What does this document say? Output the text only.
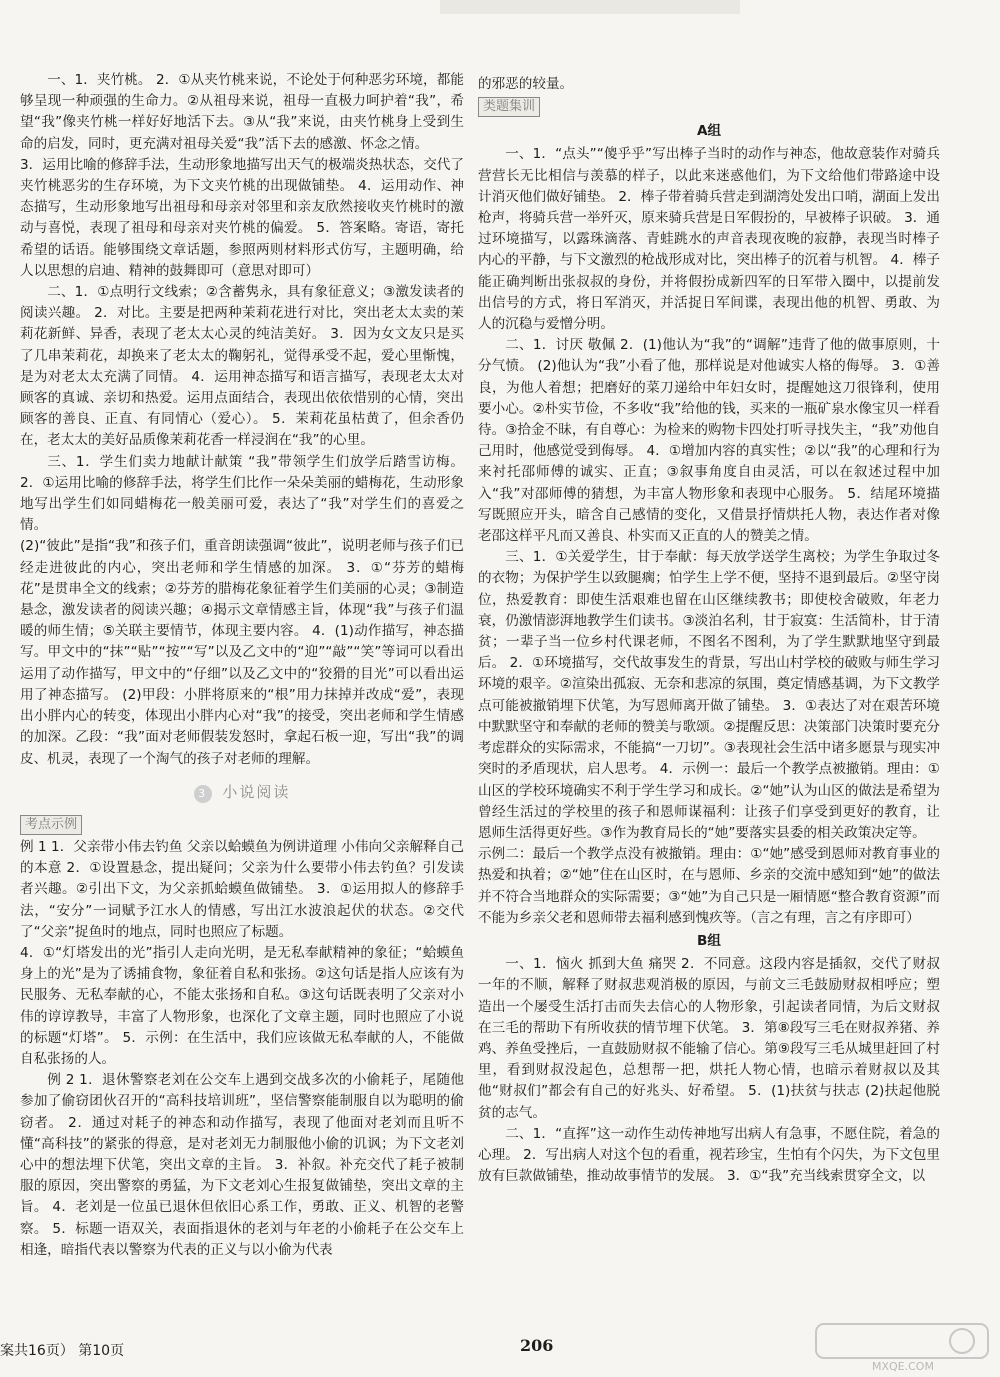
一、1．夹竹桃。 2．①从夹竹桃来说，不论处于何种恶劣环境，都能够呈现一种顽强的生命力。②从祖母来说，祖母一直极力呵护着“我”，希望“我”像夹竹桃一样好好地活下去。③从“我”来说，由夹竹桃身上受到生命的启发，同时，更充满对祖母关爱“我”活下去的感激、怀念之情。

3．运用比喻的修辞手法，生动形象地描写出天气的极端炎热状态，交代了夹竹桃恶劣的生存环境，为下文夹竹桃的出现做铺垫。 4．运用动作、神态描写，生动形象地写出祖母和母亲对邻里和亲友欣然接收夹竹桃时的激动与喜悦，表现了祖母和母亲对夹竹桃的偏爱。 5．答案略。寄语，寄托希望的话语。能够围绕文章话题，参照两则材料形式仿写，主题明确，给人以思想的启迪、精神的鼓舞即可（意思对即可）

二、1．①点明行文线索；②含蓄隽永，具有象征意义；③激发读者的阅读兴趣。 2．对比。主要是把两种茉莉花进行对比，突出老太太卖的茉莉花新鲜、异香，表现了老太太心灵的纯洁美好。 3．因为女文友只是买了几串茉莉花，却换来了老太太的鞠躬礼，觉得承受不起，爱心里惭愧，是为对老太太充满了同情。 4．运用神态描写和语言描写，表现老太太对顾客的真诚、亲切和热爱。运用点面结合，表现出依依惜别的心情，突出顾客的善良、正直、有同情心（爱心）。 5．茉莉花虽枯黄了，但余香仍在，老太太的美好品质像茉莉花香一样浸润在“我”的心里。

三、1．学生们卖力地献计献策 “我”带领学生们放学后踏雪访梅。 2．①运用比喻的修辞手法，将学生们比作一朵朵美丽的蜡梅花，生动形象地写出学生们如同蜡梅花一般美丽可爱，表达了“我”对学生们的喜爱之情。

(2)“彼此”是指“我”和孩子们，重音朗读强调“彼此”，说明老师与孩子们已经走进彼此的内心，突出老师和学生情感的加深。 3．①“芬芳的蜡梅花”是贯串全文的线索；②芬芳的腊梅花象征着学生们美丽的心灵；③制造悬念，激发读者的阅读兴趣；④揭示文章情感主旨，体现“我”与孩子们温暖的师生情；⑤关联主要情节，体现主要内容。 4．(1)动作描写，神态描写。甲文中的“抹”“贴”“按”“写”以及乙文中的“迎”“敲”“笑”等词可以看出运用了动作描写，甲文中的“仔细”以及乙文中的“狡猾的目光”可以看出运用了神态描写。 (2)甲段：小胖将原来的“根”用力抹掉并改成“爱”，表现出小胖内心的转变，体现出小胖内心对“我”的接受，突出老师和学生情感的加深。乙段：“我”面对老师假装发怒时，拿起石板一迎，写出“我”的调皮、机灵，表现了一个淘气的孩子对老师的理解。

3 小说阅读
考点示例

例 1 1．父亲带小伟去钓鱼 父亲以蛤蟆鱼为例讲道理 小伟向父亲解释自己的本意 2．①设置悬念，提出疑问；父亲为什么要带小伟去钓鱼？引发读者兴趣。②引出下文，为父亲抓蛤蟆鱼做铺垫。 3．①运用拟人的修辞手法，“安分”一词赋予江水人的情感，写出江水波浪起伏的状态。②交代了“父亲”捉鱼时的地点，同时也照应了标题。

4．①“灯塔发出的光”指引人走向光明，是无私奉献精神的象征；“蛤蟆鱼身上的光”是为了诱捕食物，象征着自私和张扬。②这句话是指人应该有为民服务、无私奉献的心，不能太张扬和自私。③这句话既表明了父亲对小伟的谆谆教导，丰富了人物形象，也深化了文章主题，同时也照应了小说的标题“灯塔”。 5．示例：在生活中，我们应该做无私奉献的人，不能做自私张扬的人。

例 2 1．退休警察老刘在公交车上遇到交战多次的小偷耗子，尾随他参加了偷窃团伙召开的“高科技培训班”，坚信警察能制服自以为聪明的偷窃者。 2．通过对耗子的神态和动作描写，表现了他面对老刘而且听不懂“高科技”的紧张的得意，是对老刘无力制服他小偷的讥讽；为下文老刘心中的想法埋下伏笔，突出文章的主旨。 3．补叙。补充交代了耗子被制服的原因，突出警察的勇猛，为下文老刘心生报复做铺垫，突出文章的主旨。 4．老刘是一位虽已退休但依旧心系工作，勇敢、正义、机智的老警察。 5．标题一语双关，表面指退休的老刘与年老的小偷耗子在公交车上相逢，暗指代表以警察为代表的正义与以小偷为代表

的邪恶的较量。

类题集训
A组

一、1．“点头”“傻乎乎”写出棒子当时的动作与神态，他故意装作对骑兵营营长无比相信与羡慕的样子，以此来迷惑他们，为下文给他们带路途中设计消灭他们做好铺垫。 2．棒子带着骑兵营走到湖湾处发出口哨，湖面上发出枪声，将骑兵营一举歼灭，原来骑兵营是日军假扮的，早被棒子识破。 3．通过环境描写，以露珠滴落、青蛙跳水的声音表现夜晚的寂静，表现当时棒子内心的平静，与下文激烈的枪战形成对比，突出棒子的沉着与机智。 4．棒子能正确判断出张叔叔的身份，并将假扮成新四军的日军带入圈中，以提前发出信号的方式，将日军消灭，并活捉日军间谍，表现出他的机智、勇敢、为人的沉稳与爱憎分明。

二、1．讨厌 敬佩 2．(1)他认为“我”的“调解”违背了他的做事原则，十分气愤。 (2)他认为“我”小看了他，那样说是对他诚实人格的侮辱。 3．①善良，为他人着想；把磨好的菜刀递给中年妇女时，提醒她这刀很锋利，使用要小心。②朴实节俭，不多收“我”给他的钱，买来的一瓶矿泉水像宝贝一样看待。③拾金不昧，有自尊心：为检来的购物卡四处打听寻找失主，“我”劝他自己用时，他感觉受到侮辱。 4．①增加内容的真实性；②以“我”的心理和行为来衬托邵师傅的诚实、正直；③叙事角度自由灵活，可以在叙述过程中加入“我”对邵师傅的猜想，为丰富人物形象和表现中心服务。 5．结尾环境描写既照应开头，暗含自己感情的变化，又借景抒情烘托人物，表达作者对像老邵这样平凡而又善良、朴实而又正直的人的赞美之情。

三、1．①关爱学生，甘于奉献：每天放学送学生离校；为学生争取过冬的衣物；为保护学生以致腿瘸；怕学生上学不便，坚持不退到最后。②坚守岗位，热爱教育：即使生活艰难也留在山区继续教书；即使校舍破败，年老力衰，仍激情澎湃地教学生们读书。③淡泊名利，甘于寂寞：生活简朴，甘于清贫；一辈子当一位乡村代课老师，不图名不图利，为了学生默默地坚守到最后。 2．①环境描写，交代故事发生的背景，写出山村学校的破败与师生学习环境的艰辛。②渲染出孤寂、无奈和悲凉的氛围，奠定情感基调，为下文教学点可能被撤销埋下伏笔，为写恩师离开做了铺垫。 3．①表达了对在艰苦环境中默默坚守和奉献的老师的赞美与歌颂。②提醒反思：决策部门决策时要充分考虑群众的实际需求，不能搞“一刀切”。③表现社会生活中诸多愿景与现实冲突时的矛盾现状，启人思考。 4．示例一：最后一个教学点被撤销。理由：①山区的学校环境确实不利于学生学习和成长。②“她”认为山区的做法是希望为曾经生活过的学校里的孩子和恩师谋福利：让孩子们享受到更好的教育，让恩师生活得更好些。③作为教育局长的“她”要落实县委的相关政策决定等。

示例二：最后一个教学点没有被撤销。理由：①“她”感受到恩师对教育事业的热爱和执着；②“她”住在山区时，在与恩师、乡亲的交流中感知到“她”的做法并不符合当地群众的实际需要；③“她”为自己只是一厢情愿“整合教育资源”而不能为乡亲父老和恩师带去福利感到愧疚等。（言之有理，言之有序即可）

B组

一、1．恼火 抓到大鱼 痛哭 2．不同意。这段内容是插叙，交代了财叔一年的不顺，解释了财叔悲观消极的原因，与前文三毛鼓励财叔相呼应；塑造出一个屡受生活打击而失去信心的人物形象，引起读者同情，为后文财叔在三毛的帮助下有所收获的情节埋下伏笔。 3．第⑧段写三毛在财叔养猪、养鸡、养鱼受挫后，一直鼓励财叔不能输了信心。第⑨段写三毛从城里赶回了村里，看到财叔没起色，总想帮一把，烘托人物心情，也暗示着财叔以及其他“财叔们”都会有自己的好兆头、好希望。 5．(1)扶贫与扶志 (2)扶起他脱贫的志气。

二、1．“直挥”这一动作生动传神地写出病人有急事，不愿住院，着急的心理。 2．写出病人对这个包的看重，视若珍宝，生怕有个闪失，为下文包里放有巨款做铺垫，推动故事情节的发展。 3．①“我”充当线索贯穿全文，以

案共16页） 第10页	206
MXQE.COM
